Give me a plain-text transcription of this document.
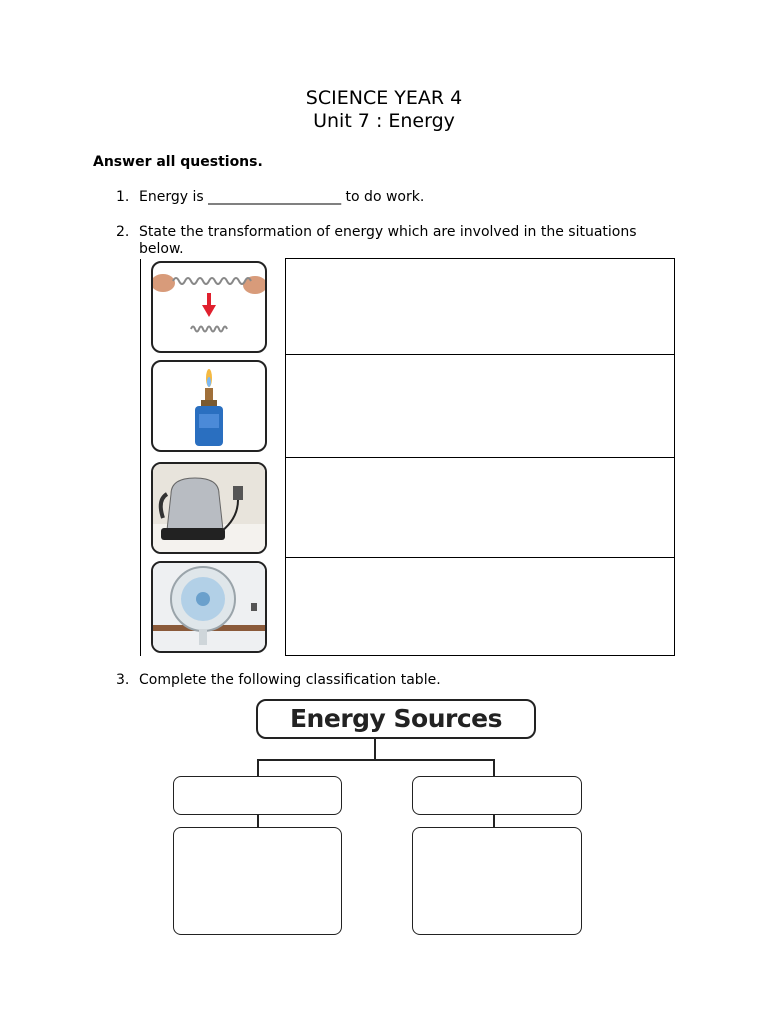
SCIENCE YEAR 4
Unit 7 : Energy
Answer all questions.
1. Energy is ___________________ to do work.
2. State the transformation of energy which are involved in the situations below.

3. Complete the following classification table.
Energy Sources
